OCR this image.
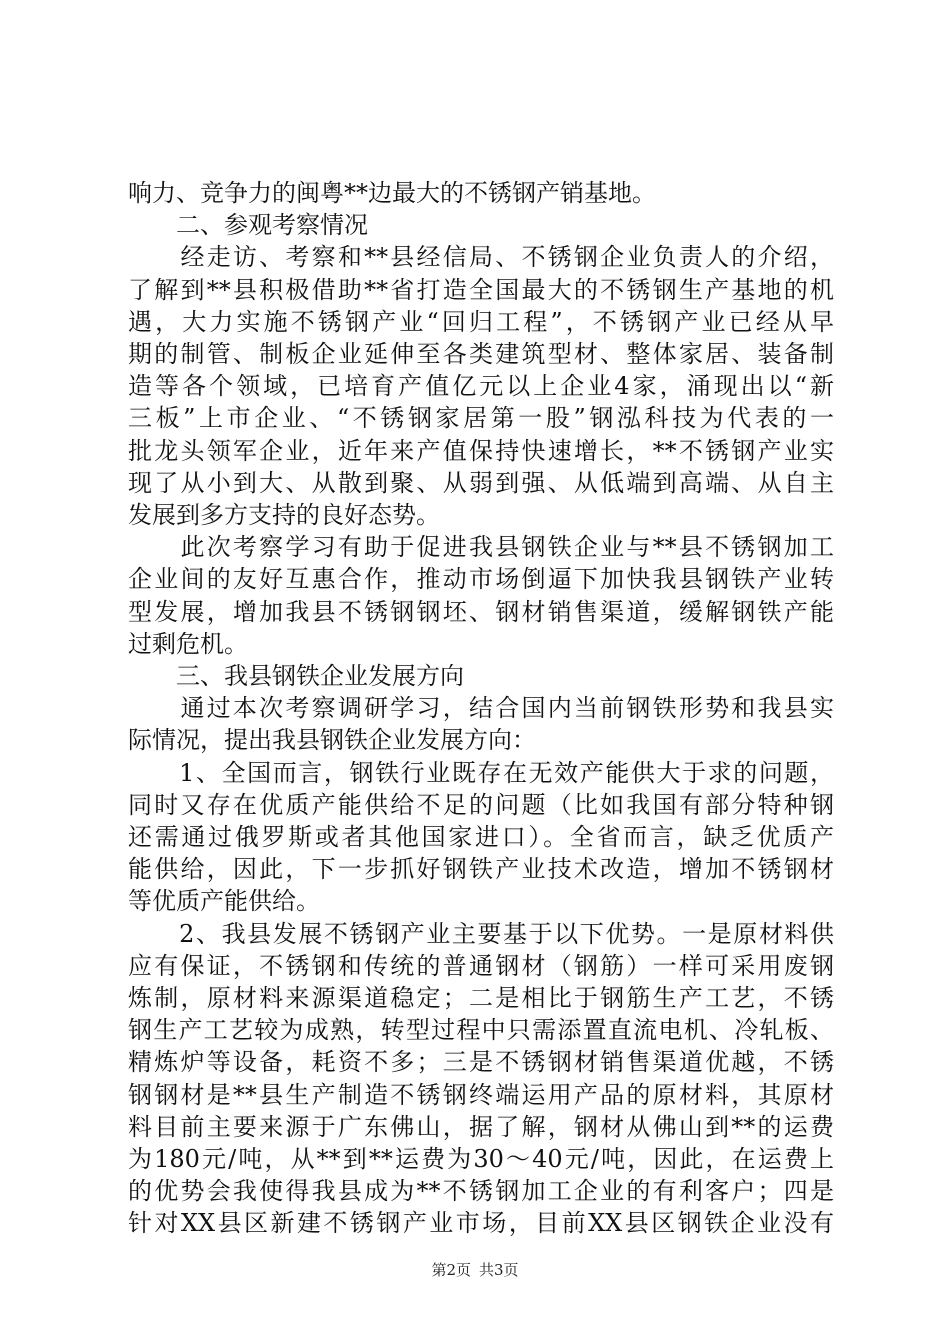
响力、竞争力的闽粤**边最大的不锈钢产销基地。
　　二、参观考察情况
　　经走访、考察和**县经信局、不锈钢企业负责人的介绍，
了解到**县积极借助**省打造全国最大的不锈钢生产基地的机
遇，大力实施不锈钢产业“回归工程”，不锈钢产业已经从早
期的制管、制板企业延伸至各类建筑型材、整体家居、装备制
造等各个领域，已培育产值亿元以上企业4家，涌现出以“新
三板”上市企业、“不锈钢家居第一股”钢泓科技为代表的一
批龙头领军企业，近年来产值保持快速增长，**不锈钢产业实
现了从小到大、从散到聚、从弱到强、从低端到高端、从自主
发展到多方支持的良好态势。
　　此次考察学习有助于促进我县钢铁企业与**县不锈钢加工
企业间的友好互惠合作，推动市场倒逼下加快我县钢铁产业转
型发展，增加我县不锈钢钢坯、钢材销售渠道，缓解钢铁产能
过剩危机。
　　三、我县钢铁企业发展方向
　　通过本次考察调研学习，结合国内当前钢铁形势和我县实
际情况，提出我县钢铁企业发展方向：
　　1、全国而言，钢铁行业既存在无效产能供大于求的问题，
同时又存在优质产能供给不足的问题（比如我国有部分特种钢
还需通过俄罗斯或者其他国家进口）。全省而言，缺乏优质产
能供给，因此，下一步抓好钢铁产业技术改造，增加不锈钢材
等优质产能供给。
　　2、我县发展不锈钢产业主要基于以下优势。一是原材料供
应有保证，不锈钢和传统的普通钢材（钢筋）一样可采用废钢
炼制，原材料来源渠道稳定；二是相比于钢筋生产工艺，不锈
钢生产工艺较为成熟，转型过程中只需添置直流电机、冷轧板、
精炼炉等设备，耗资不多；三是不锈钢材销售渠道优越，不锈
钢钢材是**县生产制造不锈钢终端运用产品的原材料，其原材
料目前主要来源于广东佛山，据了解，钢材从佛山到**的运费
为180元/吨，从**到**运费为30～40元/吨，因此，在运费上
的优势会我使得我县成为**不锈钢加工企业的有利客户；四是
针对XX县区新建不锈钢产业市场，目前XX县区钢铁企业没有
第2页 共3页
